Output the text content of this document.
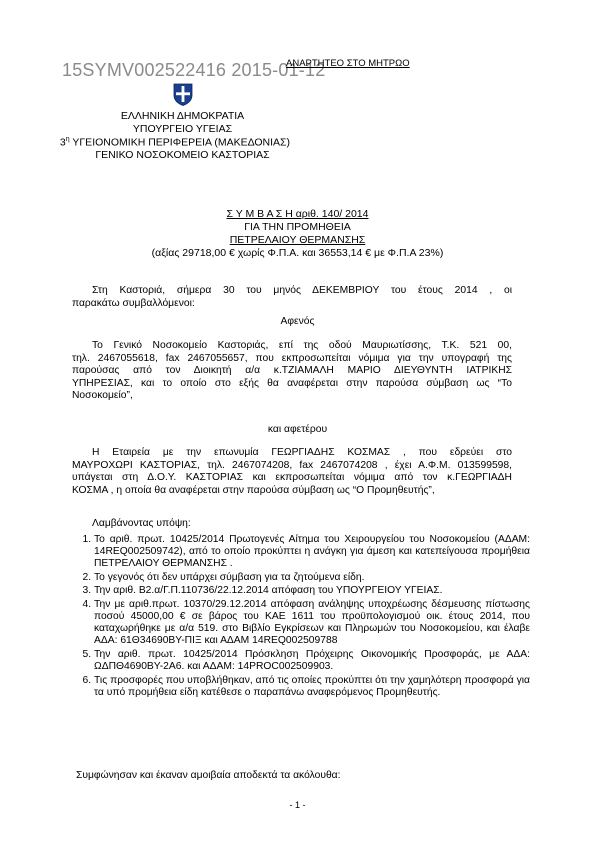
15SYMV002522416 2015-01-12
ΑΝΑΡΤΗΤΕΟ ΣΤΟ ΜΗΤΡΩΟ
ΕΛΛΗΝΙΚΗ ΔΗΜΟΚΡΑΤΙΑ
ΥΠΟΥΡΓΕΙΟ ΥΓΕΙΑΣ
$3^\eta$ ΥΓΕΙΟΝΟΜΙΚΗ ΠΕΡΙΦΕΡΕΙΑ (ΜΑΚΕΔΟΝΙΑΣ)
ΓΕΝΙΚΟ ΝΟΣΟΚΟΜΕΙΟ ΚΑΣΤΟΡΙΑΣ
Σ Υ Μ Β Α Σ Η αριθ. 140/ 2014
ΓΙΑ ΤΗΝ ΠΡΟΜΗΘΕΙΑ
ΠΕΤΡΕΛΑΙΟΥ ΘΕΡΜΑΝΣΗΣ
(αξίας 29718,00 € χωρίς Φ.Π.Α. και 36553,14 € με Φ.Π.Α 23%)
Στη Καστοριά, σήμερα 30 του μηνός ΔΕΚΕΜΒΡΙΟΥ του έτους 2014 , οι
παρακάτω συμβαλλόμενοι:
Αφενός
Το Γενικό Νοσοκομείο Καστοριάς, επί της οδού Μαυριωτίσσης, Τ.Κ. 521 00,
τηλ. 2467055618, fax 2467055657, που εκπροσωπείται νόμιμα για την υπογραφή της
παρούσας από τον Διοικητή α/α κ.ΤΖΙΑΜΑΛΗ ΜΑΡΙΟ ΔΙΕΥΘΥΝΤΗ ΙΑΤΡΙΚΗΣ
ΥΠΗΡΕΣΙΑΣ, και το οποίο στο εξής θα αναφέρεται στην παρούσα σύμβαση ως “Το
Νοσοκομείο”,
και αφετέρου
Η Εταιρεία με την επωνυμία ΓΕΩΡΓΙΑΔΗΣ ΚΟΣΜΑΣ , που εδρεύει στο
ΜΑΥΡΟΧΩΡΙ ΚΑΣΤΟΡΙΑΣ, τηλ. 2467074208, fax 2467074208 , έχει Α.Φ.Μ. 013599598,
υπάγεται στη Δ.Ο.Υ. ΚΑΣΤΟΡΙΑΣ και εκπροσωπείται νόμιμα από τον κ.ΓΕΩΡΓΙΑΔΗ
ΚΟΣΜΑ , η οποία θα αναφέρεται στην παρούσα σύμβαση ως “Ο Προμηθευτής”,
Λαμβάνοντας υπόψη:
1. Το αριθ. πρωτ. 10425/2014 Πρωτογενές Αίτημα του Χειρουργείου του Νοσοκομείου (ΑΔΑΜ: 14REQ002509742), από το οποίο προκύπτει η ανάγκη για άμεση και κατεπείγουσα προμήθεια ΠΕΤΡΕΛΑΙΟΥ ΘΕΡΜΑΝΣΗΣ .
2. Το γεγονός ότι δεν υπάρχει σύμβαση για τα ζητούμενα είδη.
3. Την αριθ. Β2.α/Γ.Π.110736/22.12.2014 απόφαση του ΥΠΟΥΡΓΕΙΟΥ ΥΓΕΙΑΣ.
4. Την με αριθ.πρωτ. 10370/29.12.2014 απόφαση ανάληψης υποχρέωσης δέσμευσης πίστωσης ποσού 45000,00 € σε βάρος του ΚΑΕ 1611 του προϋπολογισμού οικ. έτους 2014, που καταχωρήθηκε με α/α 519. στο Βιβλίο Εγκρίσεων και Πληρωμών του Νοσοκομείου, και έλαβε ΑΔΑ: 61Θ34690ΒΥ-ΠΙΞ και ΑΔΑΜ 14REQ002509788
5. Την αριθ. πρωτ. 10425/2014 Πρόσκληση Πρόχειρης Οικονομικής Προσφοράς, με ΑΔΑ: ΩΔΠΘ4690ΒΥ-2Α6. και ΑΔΑΜ: 14PROC002509903.
6. Τις προσφορές που υποβλήθηκαν, από τις οποίες προκύπτει ότι την χαμηλότερη προσφορά για τα υπό προμήθεια είδη κατέθεσε ο παραπάνω αναφερόμενος Προμηθευτής.
Συμφώνησαν και έκαναν αμοιβαία αποδεκτά τα ακόλουθα:
- 1 -
